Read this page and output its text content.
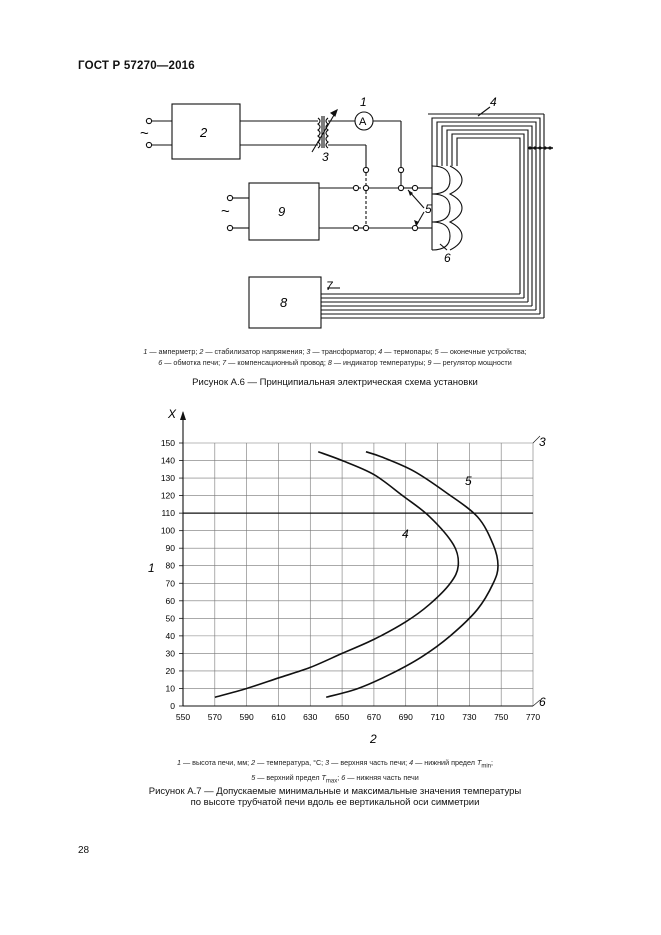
ГОСТ Р 57270—2016
~
~
2
9
8
A
1
3
4
5
6
7
1 — амперметр; 2 — стабилизатор напряжения; 3 — трансформатор; 4 — термопары; 5 — оконечные устройства;
6 — обмотка печи; 7 — компенсационный провод; 8 — индикатор температуры; 9 — регулятор мощности
Рисунок А.6 — Принципиальная электрическая схема установки
0
10
20
30
40
50
60
70
80
90
100
110
120
130
140
150
550 570 590 610 630 650 670 690 710 730 750 770
X
1
2
3
6
4
5
1 — высота печи, мм; 2 — температура, °С; 3 — верхняя часть печи; 4 — нижний предел $T_{min}$;
5 — верхний предел $T_{max}$; 6 — нижняя часть печи
Рисунок А.7 — Допускаемые минимальные и максимальные значения температуры
по высоте трубчатой печи вдоль ее вертикальной оси симметрии
28
